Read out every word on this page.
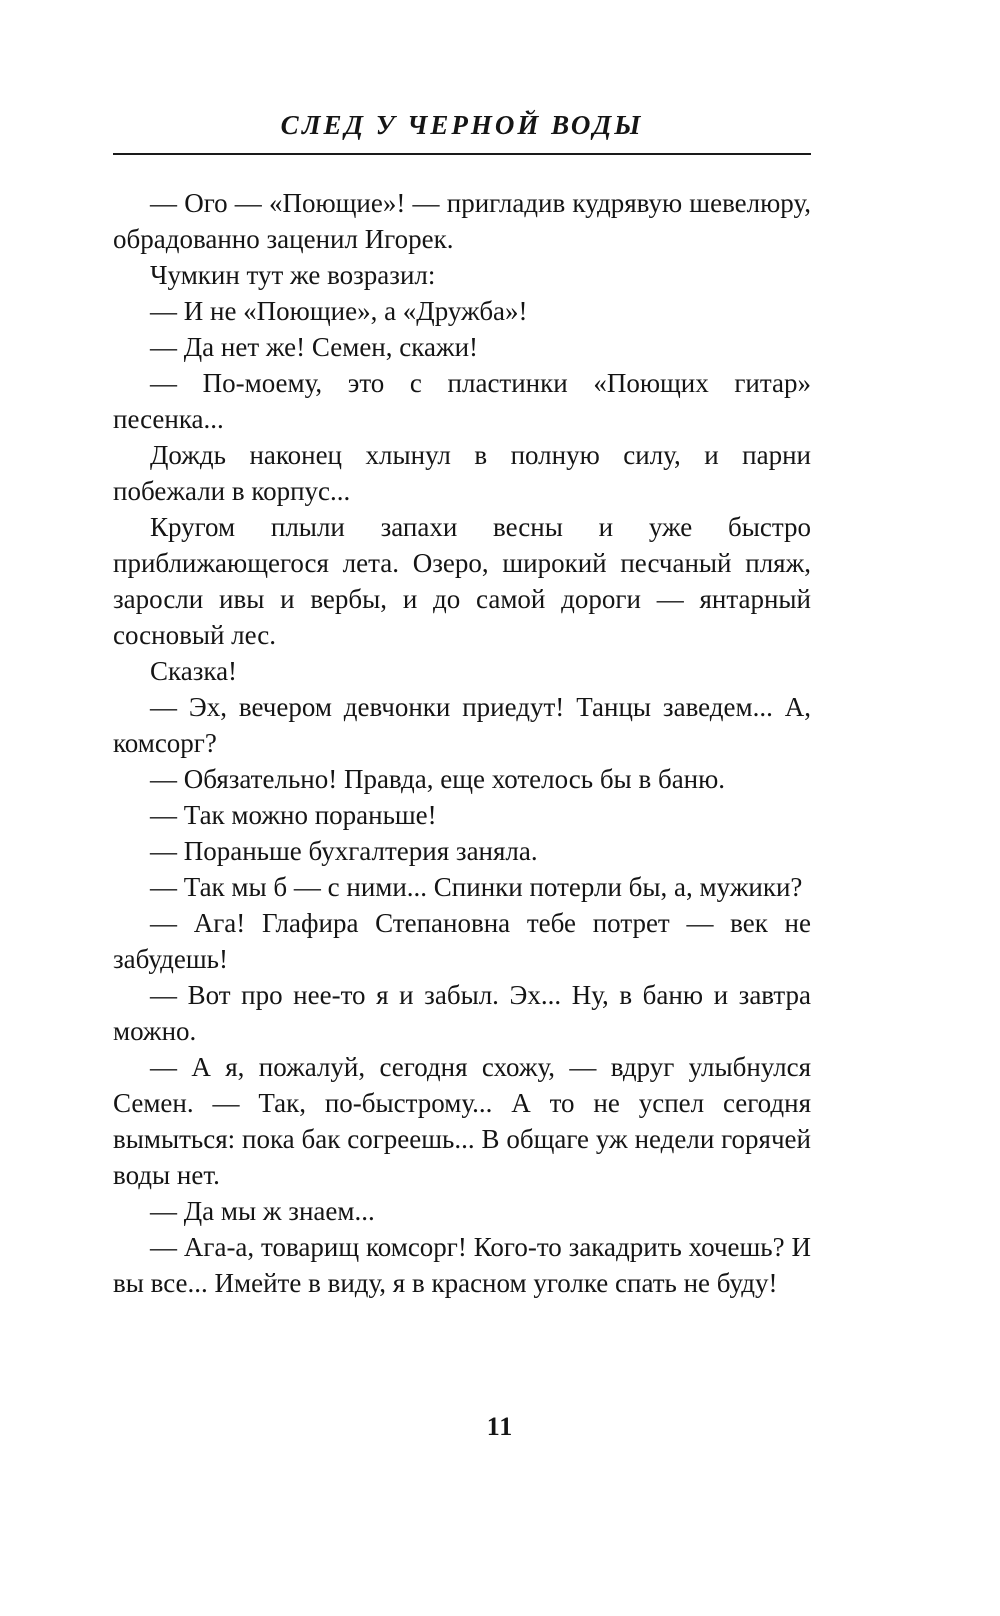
СЛЕД У ЧЕРНОЙ ВОДЫ

— Ого — «Поющие»! — пригладив кудрявую шевелюру, обрадованно заценил Игорек.

Чумкин тут же возразил:

— И не «Поющие», а «Дружба»!

— Да нет же! Семен, скажи!

— По-моему, это с пластинки «Поющих гитар» песенка...

Дождь наконец хлынул в полную силу, и парни побежали в корпус...

Кругом плыли запахи весны и уже быстро приближающегося лета. Озеро, широкий песчаный пляж, заросли ивы и вербы, и до самой дороги — янтарный сосновый лес.

Сказка!

— Эх, вечером девчонки приедут! Танцы заведем... А, комсорг?

— Обязательно! Правда, еще хотелось бы в баню.

— Так можно пораньше!

— Пораньше бухгалтерия заняла.

— Так мы б — с ними... Спинки потерли бы, а, мужики?

— Ага! Глафира Степановна тебе потрет — век не забудешь!

— Вот про нее-то я и забыл. Эх... Ну, в баню и завтра можно.

— А я, пожалуй, сегодня схожу, — вдруг улыбнулся Семен. — Так, по-быстрому... А то не успел сегодня вымыться: пока бак согреешь... В общаге уж недели горячей воды нет.

— Да мы ж знаем...

— Ага-а, товарищ комсорг! Кого-то закадрить хочешь? И вы все... Имейте в виду, я в красном уголке спать не буду!

11
